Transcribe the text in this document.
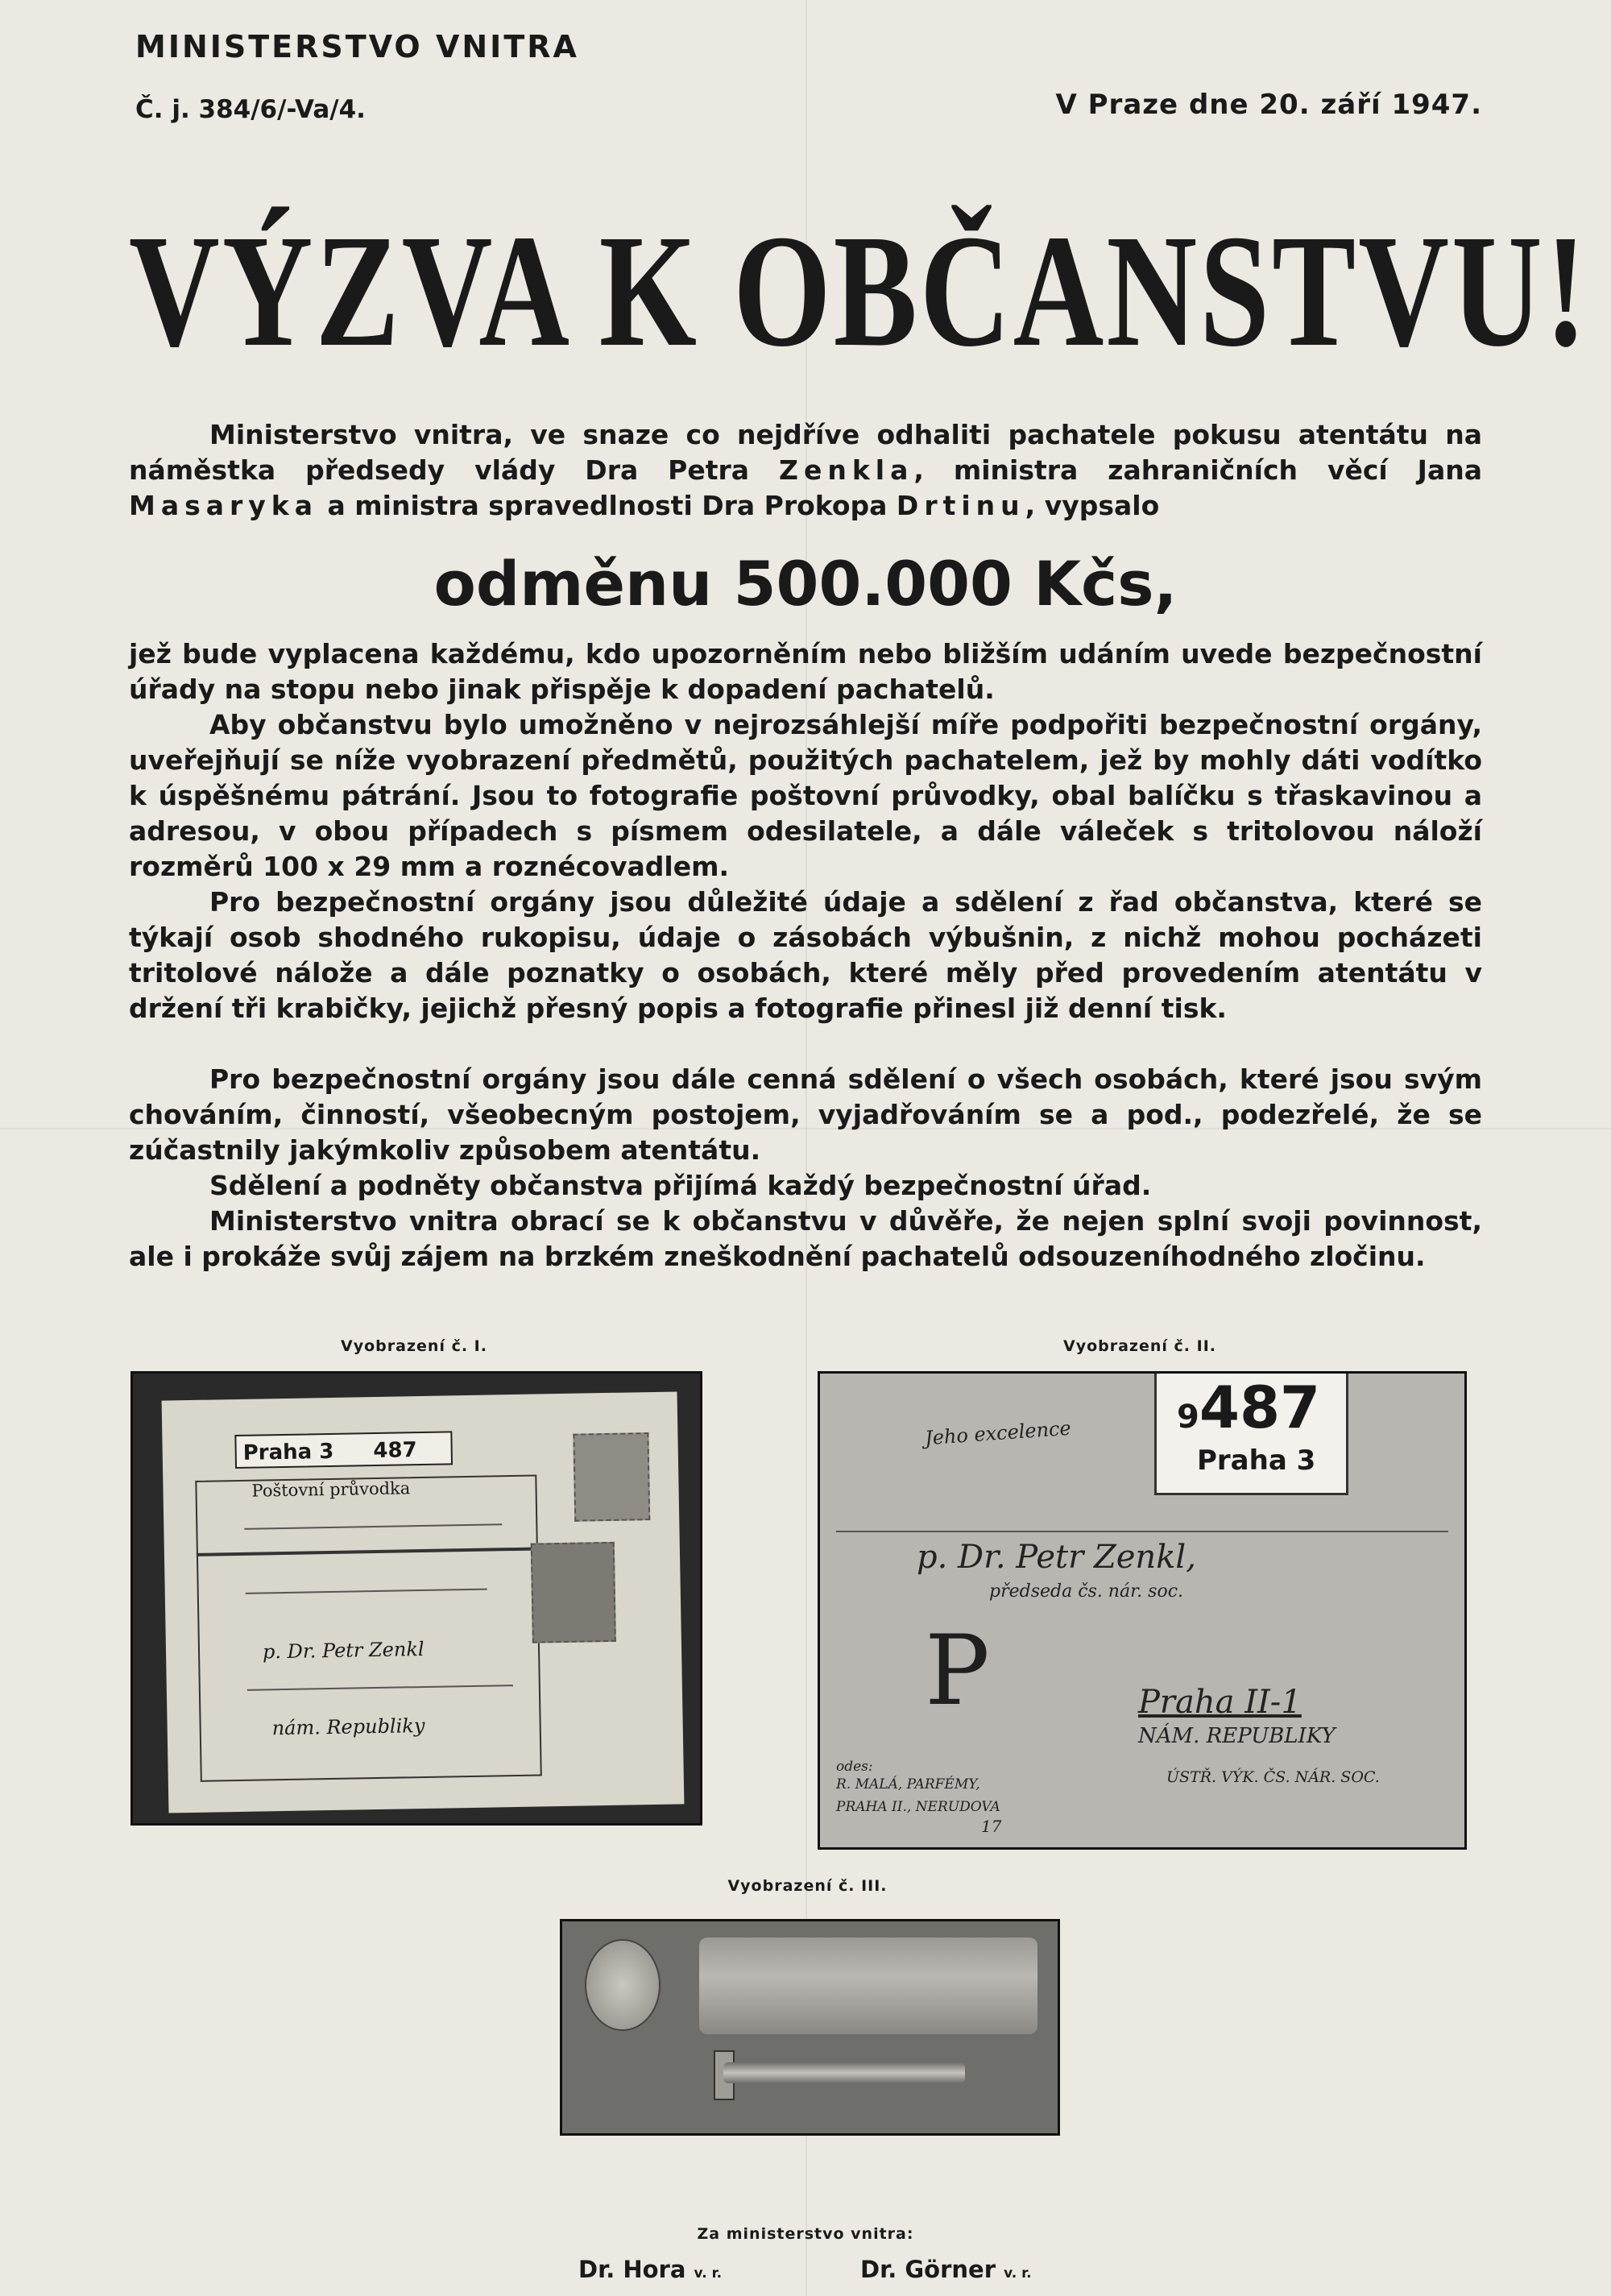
MINISTERSTVO VNITRA
Č. j. 384/6/-Va/4.	V Praze dne 20. září 1947.
VÝZVA K OBČANSTVU!
Ministerstvo vnitra, ve snaze co nejdříve odhaliti pachatele pokusu atentátu na náměstka předsedy vlády Dra Petra Zenkla, ministra zahraničních věcí Jana Masaryka a ministra spravedlnosti Dra Prokopa Drtinu, vypsalo
odměnu 500.000 Kčs,
jež bude vyplacena každému, kdo upozorněním nebo bližším udáním uvede bezpečnostní úřady na stopu nebo jinak přispěje k dopadení pachatelů.
Aby občanstvu bylo umožněno v nejrozsáhlejší míře podpořiti bezpečnostní orgány, uveřejňují se níže vyobrazení předmětů, použitých pachatelem, jež by mohly dáti vodítko k úspěšnému pátrání. Jsou to fotografie poštovní průvodky, obal balíčku s třaskavinou a adresou, v obou případech s písmem odesilatele, a dále váleček s tritolovou náloží rozměrů 100 x 29 mm a roznécovadlem.
Pro bezpečnostní orgány jsou důležité údaje a sdělení z řad občanstva, které se týkají osob shodného rukopisu, údaje o zásobách výbušnin, z nichž mohou pocházeti tritolové nálože a dále poznatky o osobách, které měly před provedením atentátu v držení tři krabičky, jejichž přesný popis a fotografie přinesl již denní tisk.
Pro bezpečnostní orgány jsou dále cenná sdělení o všech osobách, které jsou svým chováním, činností, všeobecným postojem, vyjadřováním se a pod., podezřelé, že se zúčastnily jakýmkoliv způsobem atentátu.
Sdělení a podněty občanstva přijímá každý bezpečnostní úřad.
Ministerstvo vnitra obrací se k občanstvu v důvěře, že nejen splní svoji povinnost, ale i prokáže svůj zájem na brzkém zneškodnění pachatelů odsouzeníhodného zločinu.
Vyobrazení č. I.	Vyobrazení č. II.
Vyobrazení č. III.
Praha 3 487
Poštovní průvodka
p. Dr. Petr Zenkl
nám. Republiky
9487
Praha 3
Jeho excelence
p. Dr. Petr Zenkl,
předseda čs. nár. soc.
P	Praha II-1
NÁM. REPUBLIKY
ÚSTŘ. VÝK. ČS. NÁR. SOC.
odes:
R. MALÁ, PARFÉMY,
PRAHA II., NERUDOVA
17
Za ministerstvo vnitra:
Dr. Hora v. r.	Dr. Görner v. r.
